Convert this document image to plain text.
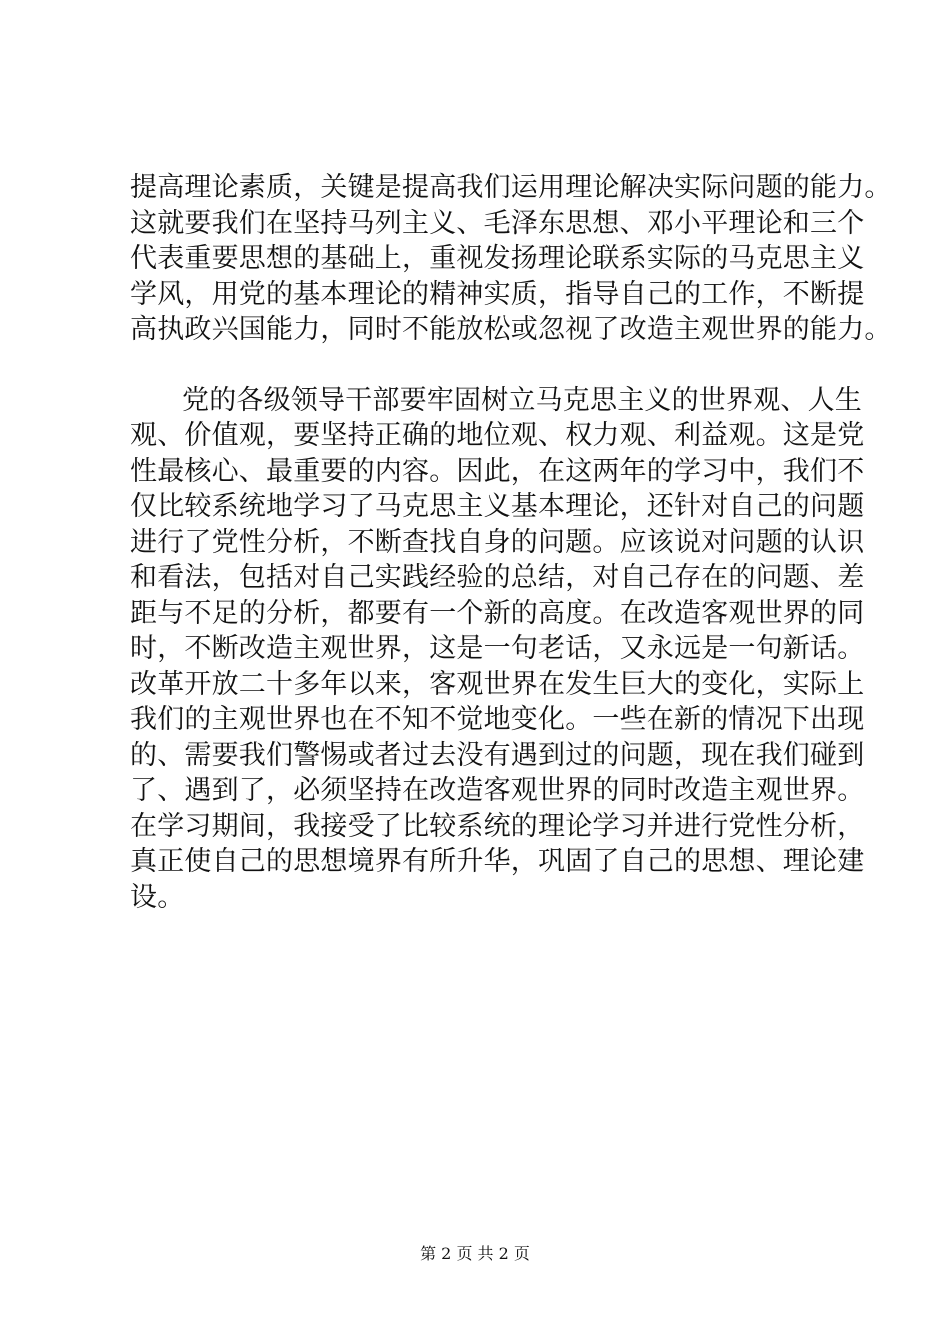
提高理论素质，关键是提高我们运用理论解决实际问题的能力。
这就要我们在坚持马列主义、毛泽东思想、邓小平理论和三个
代表重要思想的基础上，重视发扬理论联系实际的马克思主义
学风，用党的基本理论的精神实质，指导自己的工作，不断提
高执政兴国能力，同时不能放松或忽视了改造主观世界的能力。
党的各级领导干部要牢固树立马克思主义的世界观、人生
观、价值观，要坚持正确的地位观、权力观、利益观。这是党
性最核心、最重要的内容。因此，在这两年的学习中，我们不
仅比较系统地学习了马克思主义基本理论，还针对自己的问题
进行了党性分析，不断查找自身的问题。应该说对问题的认识
和看法，包括对自己实践经验的总结，对自己存在的问题、差
距与不足的分析，都要有一个新的高度。在改造客观世界的同
时，不断改造主观世界，这是一句老话，又永远是一句新话。
改革开放二十多年以来，客观世界在发生巨大的变化，实际上
我们的主观世界也在不知不觉地变化。一些在新的情况下出现
的、需要我们警惕或者过去没有遇到过的问题，现在我们碰到
了、遇到了，必须坚持在改造客观世界的同时改造主观世界。
在学习期间，我接受了比较系统的理论学习并进行党性分析，
真正使自己的思想境界有所升华，巩固了自己的思想、理论建
设。
第 2 页 共 2 页
